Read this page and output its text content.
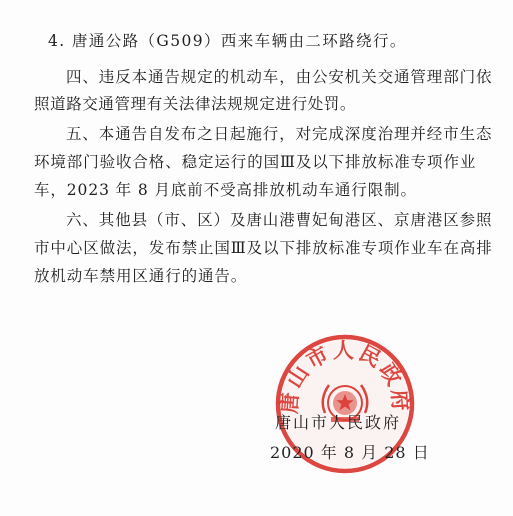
4. 唐通公路（G509）西来车辆由二环路绕行。
四、违反本通告规定的机动车，由公安机关交通管理部门依
照道路交通管理有关法律法规规定进行处罚。
五、本通告自发布之日起施行，对完成深度治理并经市生态
环境部门验收合格、稳定运行的国Ⅲ及以下排放标准专项作业
车，2023 年 8 月底前不受高排放机动车通行限制。
六、其他县（市、区）及唐山港曹妃甸港区、京唐港区参照
市中心区做法，发布禁止国Ⅲ及以下排放标准专项作业车在高排
放机动车禁用区通行的通告。
唐山市人民政府
唐山市人民政府
2020 年 8 月 28 日
